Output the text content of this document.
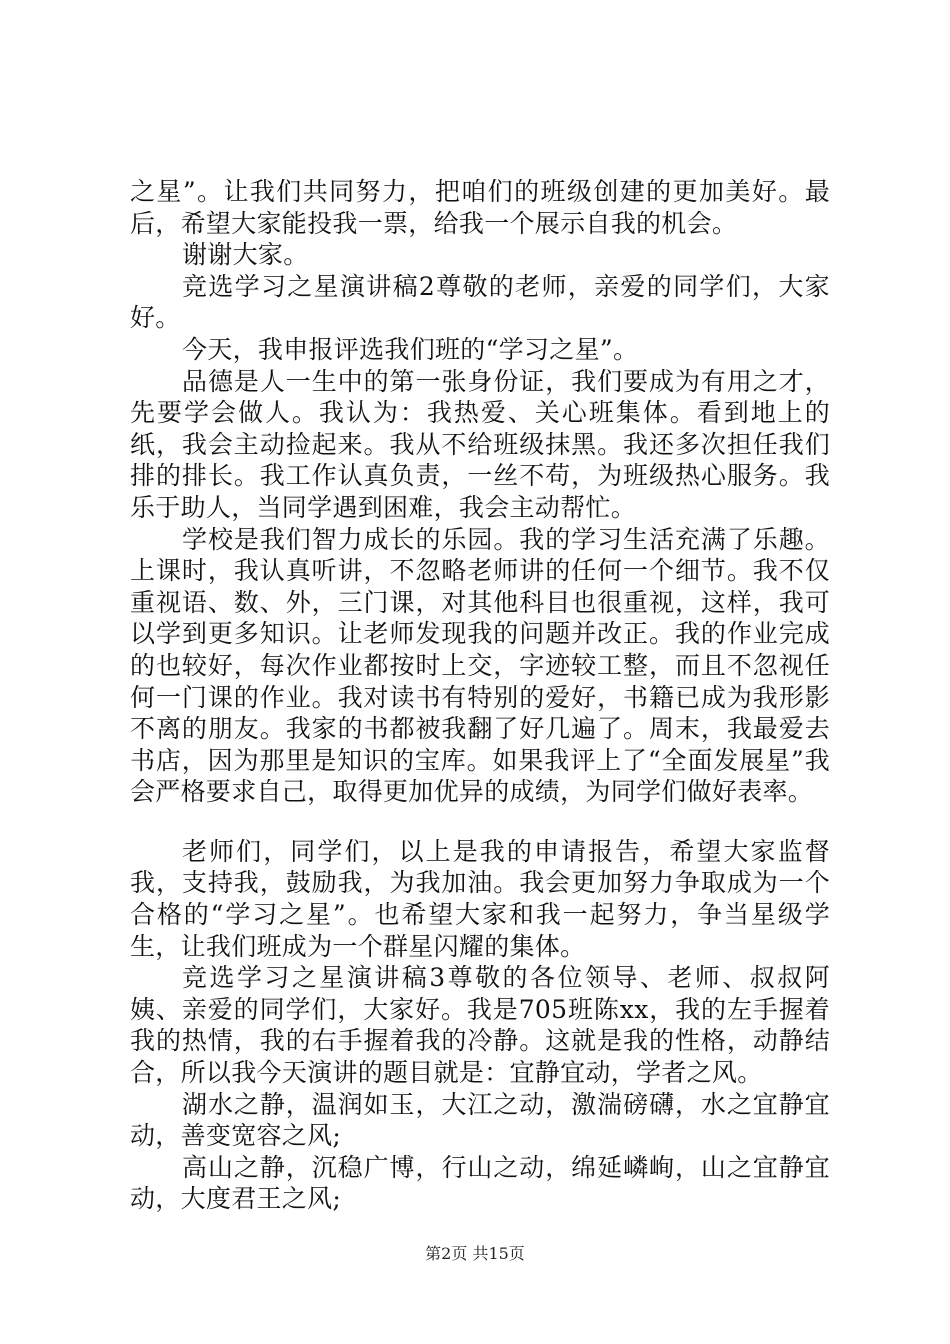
之星”。让我们共同努力，把咱们的班级创建的更加美好。最后，希望大家能投我一票，给我一个展示自我的机会。

谢谢大家。

竞选学习之星演讲稿2尊敬的老师，亲爱的同学们，大家好。

今天，我申报评选我们班的“学习之星”。

品德是人一生中的第一张身份证，我们要成为有用之才，先要学会做人。我认为：我热爱、关心班集体。看到地上的纸，我会主动捡起来。我从不给班级抹黑。我还多次担任我们排的排长。我工作认真负责，一丝不苟，为班级热心服务。我乐于助人，当同学遇到困难，我会主动帮忙。

学校是我们智力成长的乐园。我的学习生活充满了乐趣。上课时，我认真听讲，不忽略老师讲的任何一个细节。我不仅重视语、数、外，三门课，对其他科目也很重视，这样，我可以学到更多知识。让老师发现我的问题并改正。我的作业完成的也较好，每次作业都按时上交，字迹较工整，而且不忽视任何一门课的作业。我对读书有特别的爱好，书籍已成为我形影不离的朋友。我家的书都被我翻了好几遍了。周末，我最爱去书店，因为那里是知识的宝库。如果我评上了“全面发展星”我会严格要求自己，取得更加优异的成绩，为同学们做好表率。

老师们，同学们，以上是我的申请报告，希望大家监督我，支持我，鼓励我，为我加油。我会更加努力争取成为一个合格的“学习之星”。也希望大家和我一起努力，争当星级学生，让我们班成为一个群星闪耀的集体。

竞选学习之星演讲稿3尊敬的各位领导、老师、叔叔阿姨、亲爱的同学们，大家好。我是705班陈xx，我的左手握着我的热情，我的右手握着我的冷静。这就是我的性格，动静结合，所以我今天演讲的题目就是：宜静宜动，学者之风。

湖水之静，温润如玉，大江之动，激湍磅礴，水之宜静宜动，善变宽容之风;

高山之静，沉稳广博，行山之动，绵延嶙峋，山之宜静宜动，大度君王之风;

第2页 共15页
